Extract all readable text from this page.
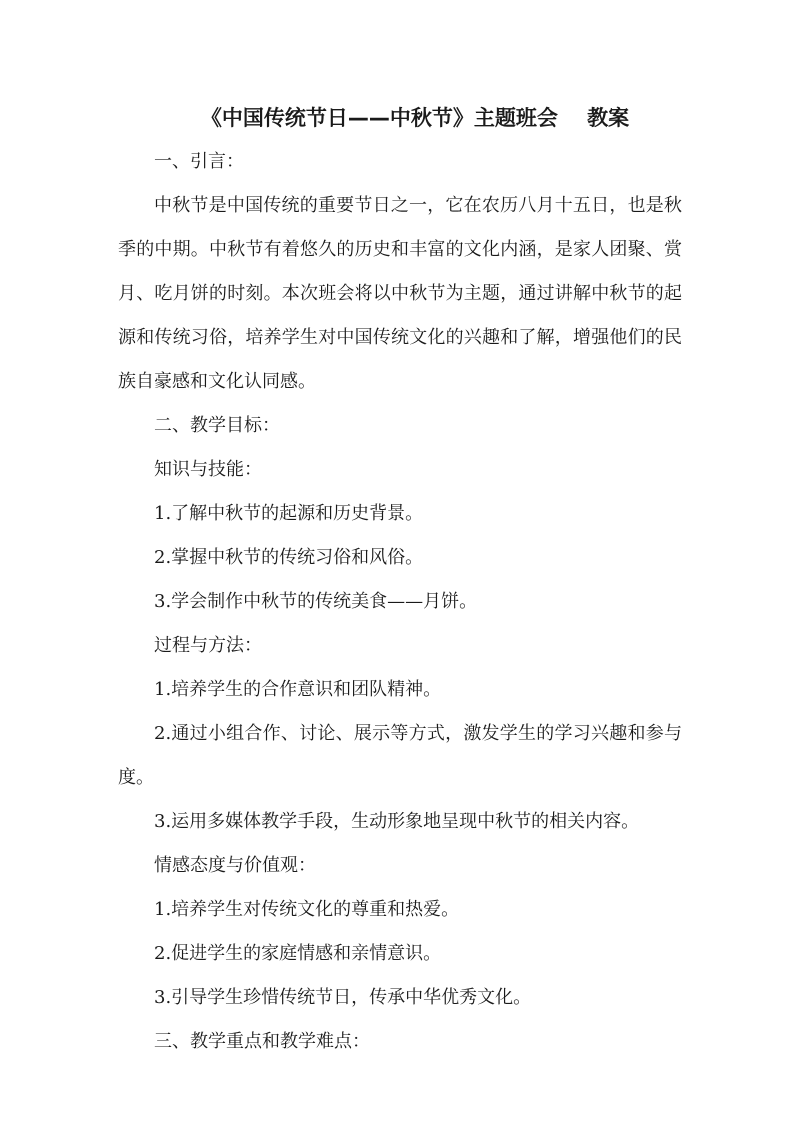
《中国传统节日——中秋节》主题班会    教案

一、引言：

中秋节是中国传统的重要节日之一，它在农历八月十五日，也是秋季的中期。中秋节有着悠久的历史和丰富的文化内涵，是家人团聚、赏月、吃月饼的时刻。本次班会将以中秋节为主题，通过讲解中秋节的起源和传统习俗，培养学生对中国传统文化的兴趣和了解，增强他们的民族自豪感和文化认同感。

二、教学目标：

知识与技能：

1.了解中秋节的起源和历史背景。

2.掌握中秋节的传统习俗和风俗。

3.学会制作中秋节的传统美食——月饼。

过程与方法：

1.培养学生的合作意识和团队精神。

2.通过小组合作、讨论、展示等方式，激发学生的学习兴趣和参与度。

3.运用多媒体教学手段，生动形象地呈现中秋节的相关内容。

情感态度与价值观：

1.培养学生对传统文化的尊重和热爱。

2.促进学生的家庭情感和亲情意识。

3.引导学生珍惜传统节日，传承中华优秀文化。

三、教学重点和教学难点：
